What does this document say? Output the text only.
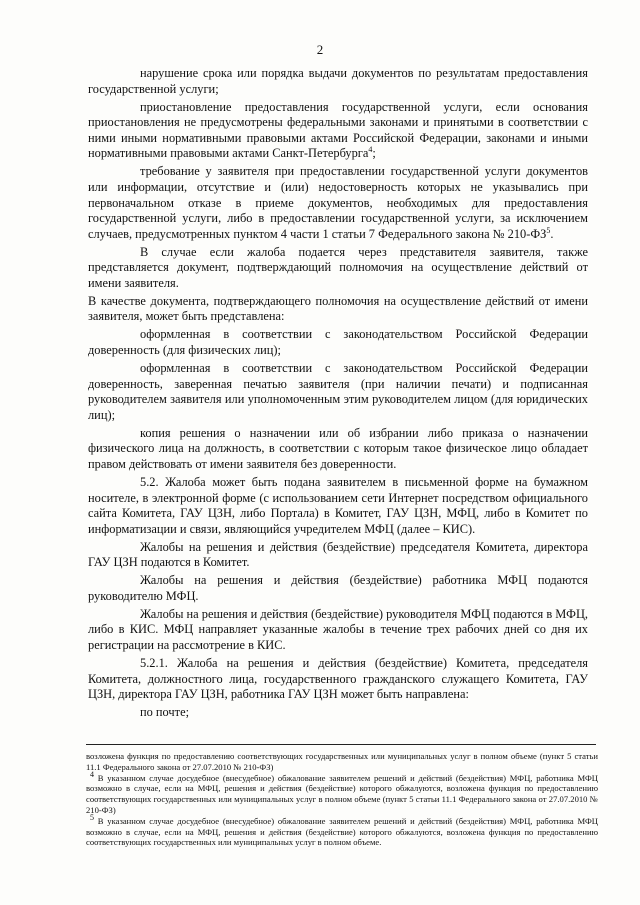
2

нарушение срока или порядка выдачи документов по результатам предоставления государственной услуги;

приостановление предоставления государственной услуги, если основания приостановления не предусмотрены федеральными законами и принятыми в соответствии с ними иными нормативными правовыми актами Российской Федерации, законами и иными нормативными правовыми актами Санкт-Петербурга$^4$;

требование у заявителя при предоставлении государственной услуги документов или информации, отсутствие и (или) недостоверность которых не указывались при первоначальном отказе в приеме документов, необходимых для предоставления государственной услуги, либо в предоставлении государственной услуги, за исключением случаев, предусмотренных пунктом 4 части 1 статьи 7 Федерального закона № $210-ФЗ^5$.

В случае если жалоба подается через представителя заявителя, также представляется документ, подтверждающий полномочия на осуществление действий от имени заявителя.

В качестве документа, подтверждающего полномочия на осуществление действий от имени заявителя, может быть представлена:

оформленная в соответствии с законодательством Российской Федерации доверенность (для физических лиц);

оформленная в соответствии с законодательством Российской Федерации доверенность, заверенная печатью заявителя (при наличии печати) и подписанная руководителем заявителя или уполномоченным этим руководителем лицом (для юридических лиц);

копия решения о назначении или об избрании либо приказа о назначении физического лица на должность, в соответствии с которым такое физическое лицо обладает правом действовать от имени заявителя без доверенности.

5.2. Жалоба может быть подана заявителем в письменной форме на бумажном носителе, в электронной форме (с использованием сети Интернет посредством официального сайта Комитета, ГАУ ЦЗН, либо Портала) в Комитет, ГАУ ЦЗН, МФЦ, либо в Комитет по информатизации и связи, являющийся учредителем МФЦ (далее – КИС).

Жалобы на решения и действия (бездействие) председателя Комитета, директора ГАУ ЦЗН подаются в Комитет.

Жалобы на решения и действия (бездействие) работника МФЦ подаются руководителю МФЦ.

Жалобы на решения и действия (бездействие) руководителя МФЦ подаются в МФЦ, либо в КИС. МФЦ направляет указанные жалобы в течение трех рабочих дней со дня их регистрации на рассмотрение в КИС.

5.2.1. Жалоба на решения и действия (бездействие) Комитета, председателя Комитета, должностного лица, государственного гражданского служащего Комитета, ГАУ ЦЗН, директора ГАУ ЦЗН, работника ГАУ ЦЗН может быть направлена:

по почте;

возложена функция по предоставлению соответствующих государственных или муниципальных услуг в полном объеме (пункт 5 статьи 11.1 Федерального закона от 27.07.2010 № 210-ФЗ)

$^4$ В указанном случае досудебное (внесудебное) обжалование заявителем решений и действий (бездействия) МФЦ, работника МФЦ возможно в случае, если на МФЦ, решения и действия (бездействие) которого обжалуются, возложена функция по предоставлению соответствующих государственных или муниципальных услуг в полном объеме (пункт 5 статьи 11.1 Федерального закона от 27.07.2010 № 210-ФЗ)

$^5$ В указанном случае досудебное (внесудебное) обжалование заявителем решений и действий (бездействия) МФЦ, работника МФЦ возможно в случае, если на МФЦ, решения и действия (бездействие) которого обжалуются, возложена функция по предоставлению соответствующих государственных или муниципальных услуг в полном объеме.
